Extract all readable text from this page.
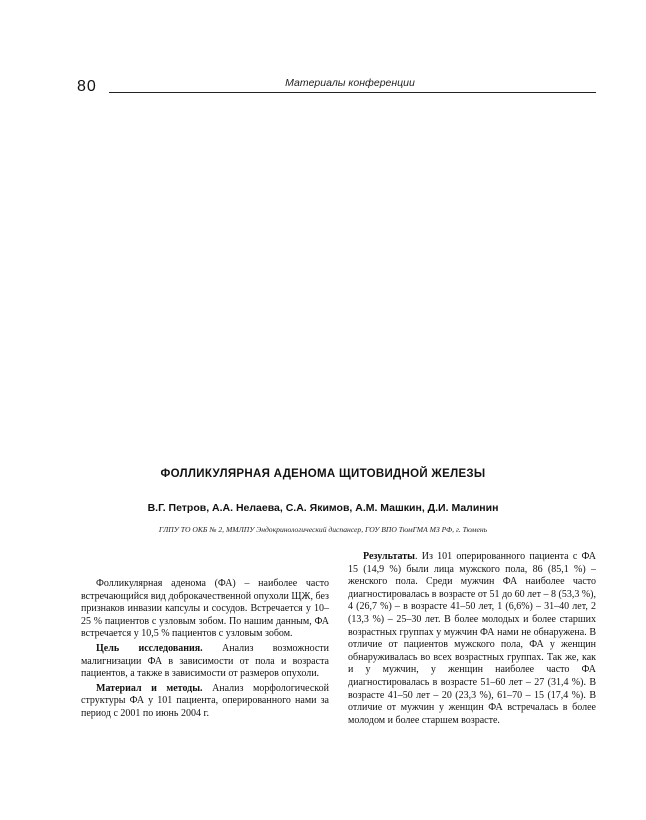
80	Материалы конференции
ФОЛЛИКУЛЯРНАЯ АДЕНОМА ЩИТОВИДНОЙ ЖЕЛЕЗЫ
В.Г. Петров, А.А. Нелаева, С.А. Якимов, А.М. Машкин, Д.И. Малинин
ГЛПУ ТО ОКБ № 2, ММЛПУ Эндокринологический диспансер, ГОУ ВПО ТюмГМА МЗ РФ, г. Тюмень

Фолликулярная аденома (ФА) – наиболее часто встречающийся вид доброкачественной опухоли ЩЖ, без признаков инвазии капсулы и сосудов. Встречается у 10–25 % пациентов с узловым зобом. По нашим данным, ФА встречается у 10,5 % пациентов с узловым зобом.

Цель исследования. Анализ возможности малигнизации ФА в зависимости от пола и возраста пациентов, а также в зависимости от размеров опухоли.

Материал и методы. Анализ морфологической структуры ФА у 101 пациента, оперированного нами за период с 2001 по июнь 2004 г.

Результаты. Из 101 оперированного пациента с ФА 15 (14,9 %) были лица мужского пола, 86 (85,1 %) – женского пола. Среди мужчин ФА наиболее часто диагностировалась в возрасте от 51 до 60 лет – 8 (53,3 %), 4 (26,7 %) – в возрасте 41–50 лет, 1 (6,6%) – 31–40 лет, 2 (13,3 %) – 25–30 лет. В более молодых и более старших возрастных группах у мужчин ФА нами не обнаружена. В отличие от пациентов мужского пола, ФА у женщин обнаруживалась во всех возрастных группах. Так же, как и у мужчин, у женщин наиболее часто ФА диагностировалась в возрасте 51–60 лет – 27 (31,4 %). В возрасте 41–50 лет – 20 (23,3 %), 61–70 – 15 (17,4 %). В отличие от мужчин у женщин ФА встречалась в более молодом и более старшем возрасте.
